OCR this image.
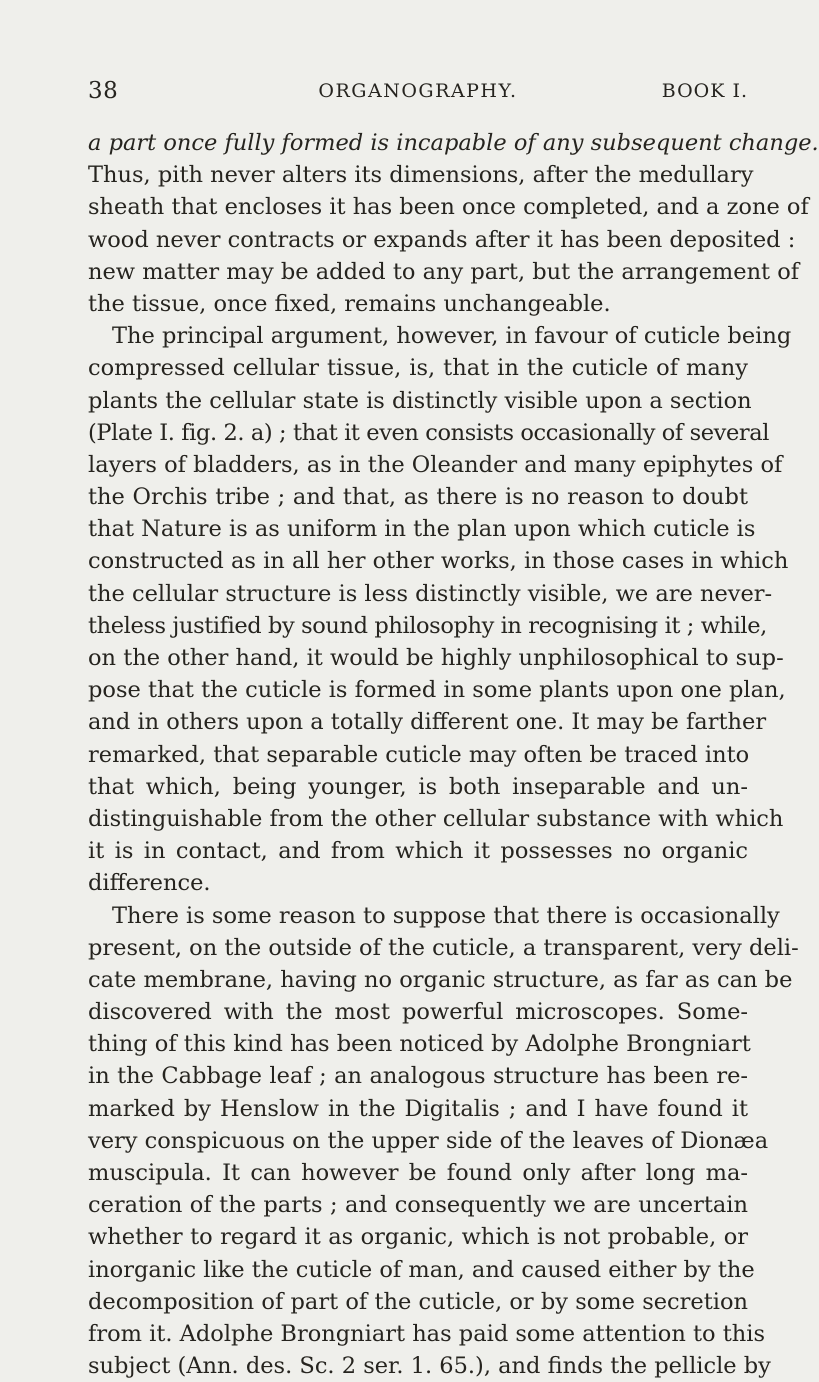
38	ORGANOGRAPHY.	BOOK I.
a part once fully formed is incapable of any subsequent change.
Thus, pith never alters its dimensions, after the medullary
sheath that encloses it has been once completed, and a zone of
wood never contracts or expands after it has been deposited :
new matter may be added to any part, but the arrangement of
the tissue, once fixed, remains unchangeable.
The principal argument, however, in favour of cuticle being
compressed cellular tissue, is, that in the cuticle of many
plants the cellular state is distinctly visible upon a section
(Plate I. fig. 2. a) ; that it even consists occasionally of several
layers of bladders, as in the Oleander and many epiphytes of
the Orchis tribe ; and that, as there is no reason to doubt
that Nature is as uniform in the plan upon which cuticle is
constructed as in all her other works, in those cases in which
the cellular structure is less distinctly visible, we are never-
theless justified by sound philosophy in recognising it ; while,
on the other hand, it would be highly unphilosophical to sup-
pose that the cuticle is formed in some plants upon one plan,
and in others upon a totally different one. It may be farther
remarked, that separable cuticle may often be traced into
that which, being younger, is both inseparable and un-
distinguishable from the other cellular substance with which
it is in contact, and from which it possesses no organic
difference.
There is some reason to suppose that there is occasionally
present, on the outside of the cuticle, a transparent, very deli-
cate membrane, having no organic structure, as far as can be
discovered with the most powerful microscopes. Some-
thing of this kind has been noticed by Adolphe Brongniart
in the Cabbage leaf ; an analogous structure has been re-
marked by Henslow in the Digitalis ; and I have found it
very conspicuous on the upper side of the leaves of Dionæa
muscipula. It can however be found only after long ma-
ceration of the parts ; and consequently we are uncertain
whether to regard it as organic, which is not probable, or
inorganic like the cuticle of man, and caused either by the
decomposition of part of the cuticle, or by some secretion
from it. Adolphe Brongniart has paid some attention to this
subject (Ann. des. Sc. 2 ser. 1. 65.), and finds the pellicle by
